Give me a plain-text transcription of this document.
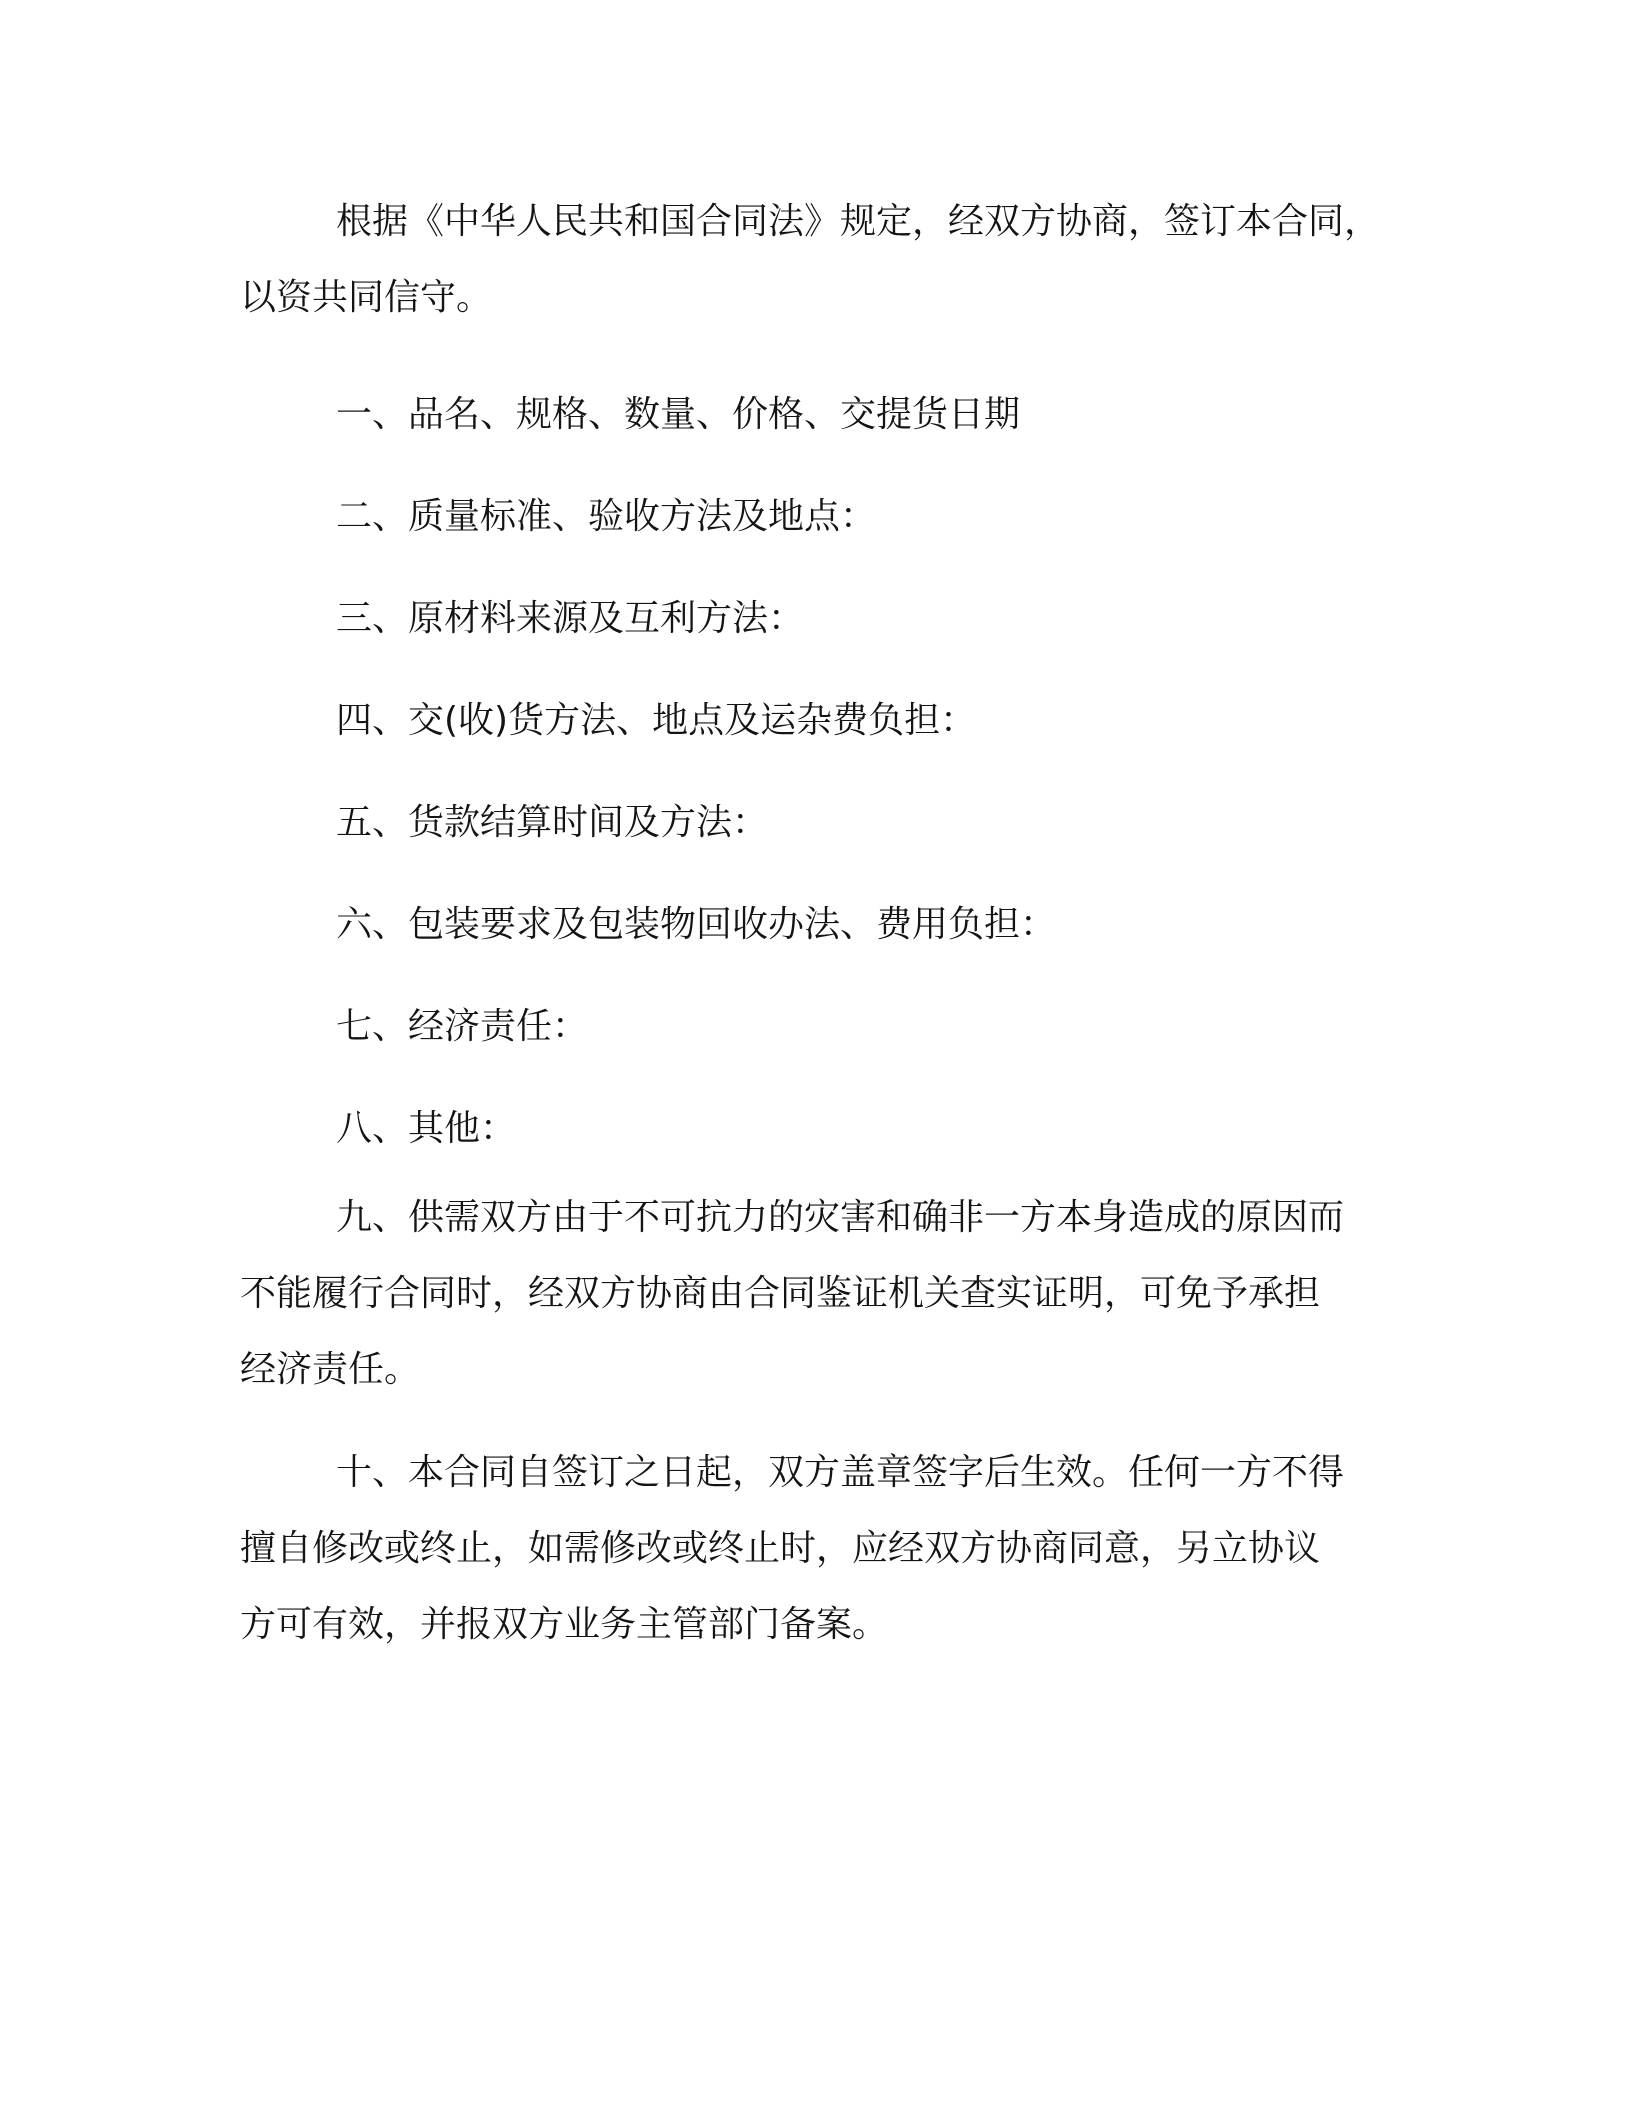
根据《中华人民共和国合同法》规定，经双方协商，签订本合同，
以资共同信守。
一、品名、规格、数量、价格、交提货日期
二、质量标准、验收方法及地点：
三、原材料来源及互利方法：
四、交(收)货方法、地点及运杂费负担：
五、货款结算时间及方法：
六、包装要求及包装物回收办法、费用负担：
七、经济责任：
八、其他：
九、供需双方由于不可抗力的灾害和确非一方本身造成的原因而
不能履行合同时，经双方协商由合同鉴证机关查实证明，可免予承担
经济责任。
十、本合同自签订之日起，双方盖章签字后生效。任何一方不得
擅自修改或终止，如需修改或终止时，应经双方协商同意，另立协议
方可有效，并报双方业务主管部门备案。
